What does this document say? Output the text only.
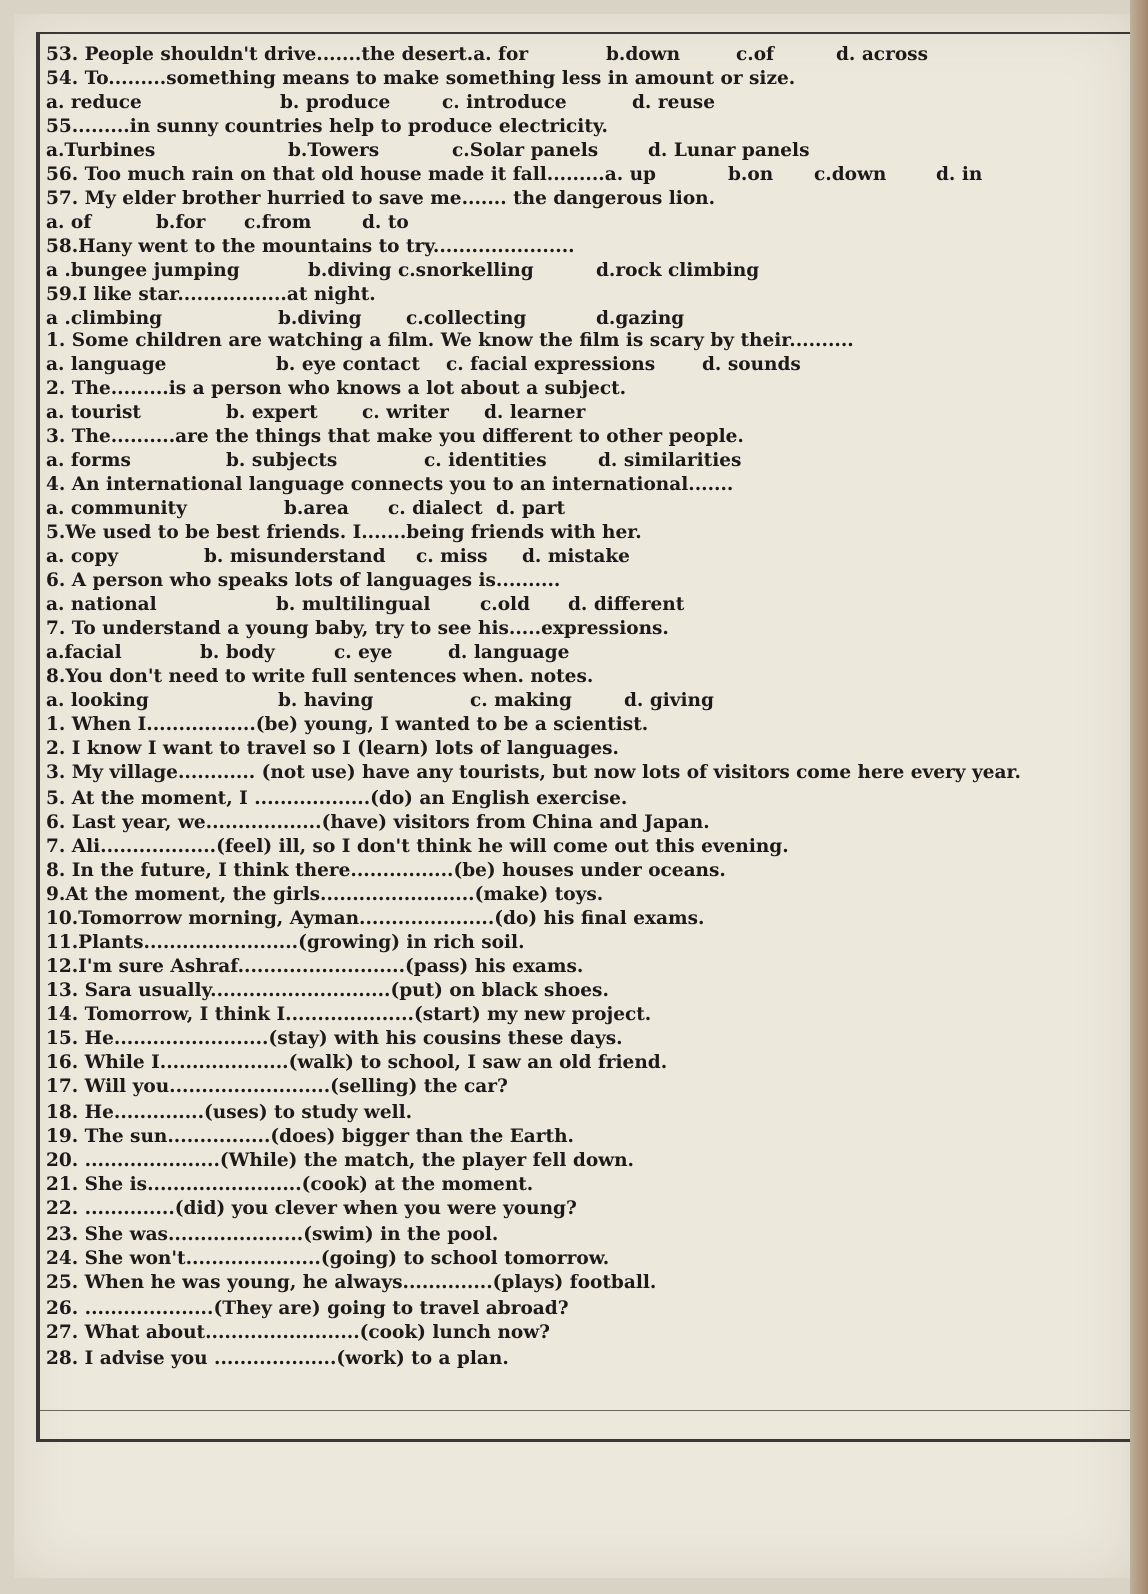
53. People shouldn't drive.......the desert.a. for	b.down	c.of	d. across
54. To.........something means to make something less in amount or size.
a. reduce	b. produce	c. introduce	d. reuse
55.........in sunny countries help to produce electricity.
a.Turbines	b.Towers	c.Solar panels	d. Lunar panels
56. Too much rain on that old house made it fall.........a. up	b.on c.down	d. in
57. My elder brother hurried to save me....... the dangerous lion.
a. of	b.for c.from	d. to
58.Hany went to the mountains to try......................
a .bungee jumping	b.diving c.snorkelling	d.rock climbing
59.I like star.................at night.
a .climbing	b.diving c.collecting	d.gazing
1. Some children are watching a film. We know the film is scary by their..........
a. language	b. eye contact c. facial expressions	d. sounds
2. The.........is a person who knows a lot about a subject.
a. tourist	b. expert c. writer d. learner
3. The..........are the things that make you different to other people.
a. forms	b. subjects	c. identities	d. similarities
4. An international language connects you to an international.......
a. community	b.area c. dialect d. part
5.We used to be best friends. I.......being friends with her.
a. copy	b. misunderstand c. miss d. mistake
6. A person who speaks lots of languages is..........
a. national	b. multilingual	c.old d. different
7. To understand a young baby, try to see his.....expressions.
a.facial	b. body	c. eye	d. language
8.You don't need to write full sentences when. notes.
a. looking	b. having	c. making	d. giving
1. When I.................(be) young, I wanted to be a scientist.
2. I know I want to travel so I (learn) lots of languages.
3. My village............ (not use) have any tourists, but now lots of visitors come here every year.
5. At the moment, I ..................(do) an English exercise.
6. Last year, we..................(have) visitors from China and Japan.
7. Ali..................(feel) ill, so I don't think he will come out this evening.
8. In the future, I think there................(be) houses under oceans.
9.At the moment, the girls........................(make) toys.
10.Tomorrow morning, Ayman.....................(do) his final exams.
11.Plants........................(growing) in rich soil.
12.I'm sure Ashraf..........................(pass) his exams.
13. Sara usually............................(put) on black shoes.
14. Tomorrow, I think I....................(start) my new project.
15. He........................(stay) with his cousins these days.
16. While I....................(walk) to school, I saw an old friend.
17. Will you.........................(selling) the car?
18. He..............(uses) to study well.
19. The sun................(does) bigger than the Earth.
20. .....................(While) the match, the player fell down.
21. She is........................(cook) at the moment.
22. ..............(did) you clever when you were young?
23. She was.....................(swim) in the pool.
24. She won't.....................(going) to school tomorrow.
25. When he was young, he always..............(plays) football.
26. ....................(They are) going to travel abroad?
27. What about........................(cook) lunch now?
28. I advise you ...................(work) to a plan.
